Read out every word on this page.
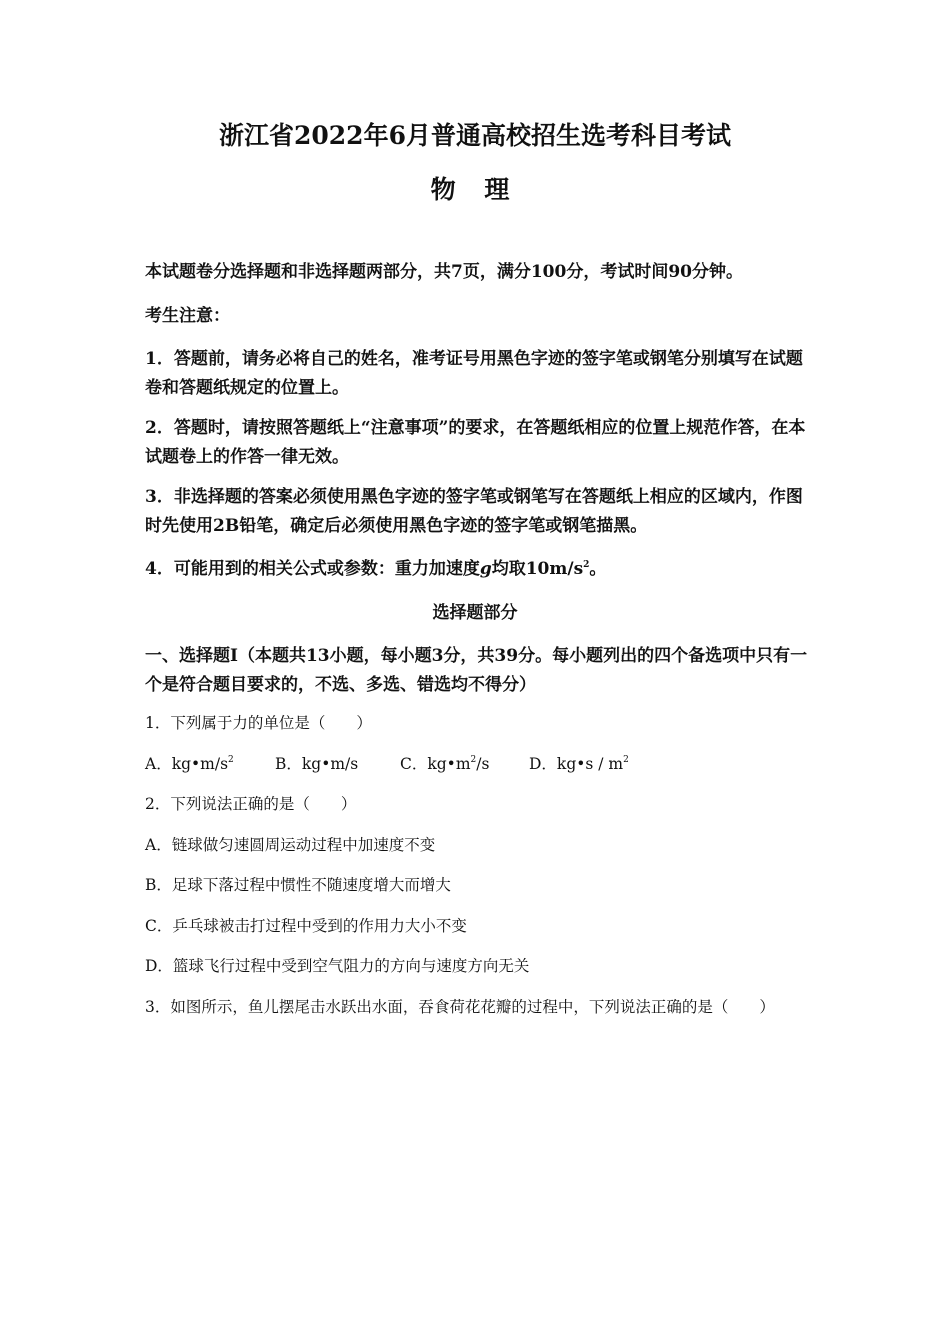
浙江省2022年6月普通高校招生选考科目考试
物 理
本试题卷分选择题和非选择题两部分，共7页，满分100分，考试时间90分钟。
考生注意：
1．答题前，请务必将自己的姓名，准考证号用黑色字迹的签字笔或钢笔分别填写在试题卷和答题纸规定的位置上。
2．答题时，请按照答题纸上“注意事项”的要求，在答题纸相应的位置上规范作答，在本试题卷上的作答一律无效。
3．非选择题的答案必须使用黑色字迹的签字笔或钢笔写在答题纸上相应的区域内，作图时先使用2B铅笔，确定后必须使用黑色字迹的签字笔或钢笔描黑。
4．可能用到的相关公式或参数：重力加速度g均取$10m/s^2$。
选择题部分
一、选择题Ⅰ（本题共13小题，每小题3分，共39分。每小题列出的四个备选项中只有一个是符合题目要求的，不选、多选、错选均不得分）
1．下列属于力的单位是（　　）
A．$kg•m/s^2$	B．kg•m/s	C．$kg•m^2/s$	D．kg•s / $m^2$
2．下列说法正确的是（　　）
A．链球做匀速圆周运动过程中加速度不变
B．足球下落过程中惯性不随速度增大而增大
C．乒乓球被击打过程中受到的作用力大小不变
D．篮球飞行过程中受到空气阻力的方向与速度方向无关
3．如图所示，鱼儿摆尾击水跃出水面，吞食荷花花瓣的过程中，下列说法正确的是（　　）
